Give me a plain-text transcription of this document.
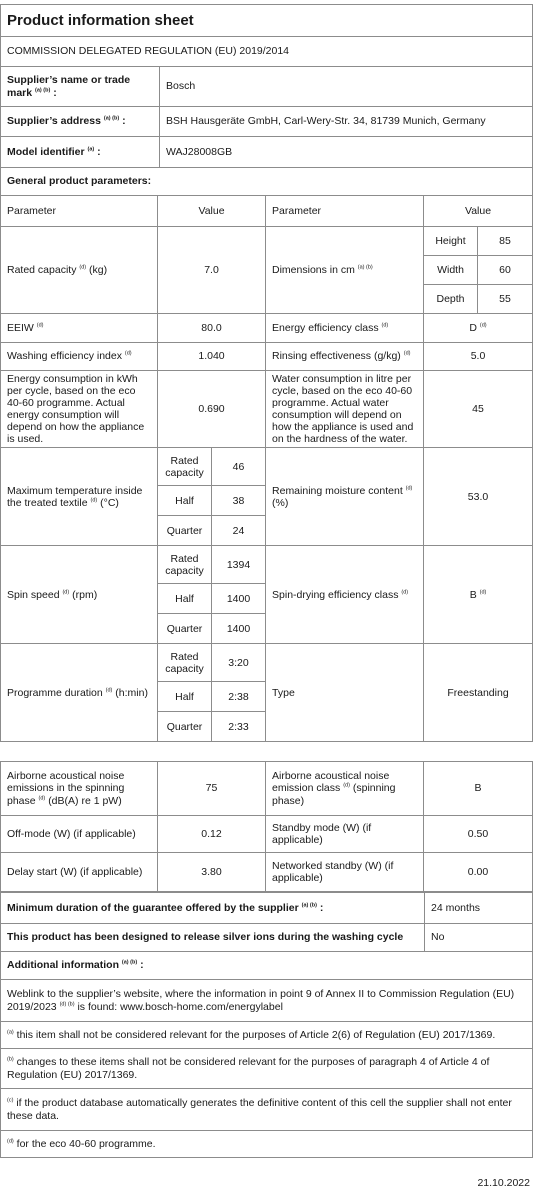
Product information sheet
COMMISSION DELEGATED REGULATION (EU) 2019/2014
Supplier’s name or trade mark $^{(a) (b)}$ :	Bosch
Supplier’s address $^{(a) (b)}$ :	BSH Hausgeräte GmbH, Carl-Wery-Str. 34, 81739 Munich, Germany
Model identifier $^{(a)}$ :	WAJ28008GB
General product parameters:	
Parameter	Value		Parameter	Value	
Rated capacity $^{(d)}$ (kg)	7.0		Dimensions in cm $^{(a) (b)}$	Height	85
				Width	60
				Depth	55
EEIW $^{(d)}$	80.0		Energy efficiency class $^{(d)}$	D $^{(d)}$
Washing efficiency index $^{(d)}$	1.040		Rinsing effectiveness (g/kg) $^{(d)}$	5.0	
Energy consumption in kWh per cycle, based on the eco 40-60 programme. Actual energy consumption will depend on how the appliance is used.	0.690		Water consumption in litre per cycle, based on the eco 40-60 programme. Actual water consumption will depend on how the appliance is used and on the hardness of the water.	45	
Maximum temperature inside the treated textile $^{(d)}$ (°C)	Rated capacity	46	Remaining moisture content $^{(d)}$ (%)	53.0	
	Half	38			
	Quarter	24			
Spin speed $^{(d)}$ (rpm)	Rated capacity	1394	Spin-drying efficiency class $^{(d)}$	B $^{(d)}$
	Half	1400			
	Quarter	1400			
Programme duration $^{(d)}$ (h:min)	Rated capacity	3:20	Type	Freestanding	
	Half	2:38			
	Quarter	2:33			
Airborne acoustical noise emissions in the spinning phase $^{(d)}$ (dB(A) re 1 pW)	75	Airborne acoustical noise emission class $^{(d)}$ (spinning phase)	B
Off-mode (W) (if applicable)	0.12	Standby mode (W) (if applicable)	0.50
Delay start (W) (if applicable)	3.80	Networked standby (W) (if applicable)	0.00
Minimum duration of the guarantee offered by the supplier $^{(a) (b)}$ :	24 months
This product has been designed to release silver ions during the washing cycle	No
Additional information $^{(a) (b)}$ :	
Weblink to the supplier’s website, where the information in point 9 of Annex II to Commission Regulation (EU) 2019/2023 $^{(d) (b)}$ is found: www.bosch-home.com/energylabel	
$^{(a)}$ this item shall not be considered relevant for the purposes of Article 2(6) of Regulation (EU) 2017/1369.	
$^{(b)}$ changes to these items shall not be considered relevant for the purposes of paragraph 4 of Article 4 of Regulation (EU) 2017/1369.	
$^{(c)}$ if the product database automatically generates the definitive content of this cell the supplier shall not enter these data.	
$^{(d)}$ for the eco 40-60 programme.	
21.10.2022
